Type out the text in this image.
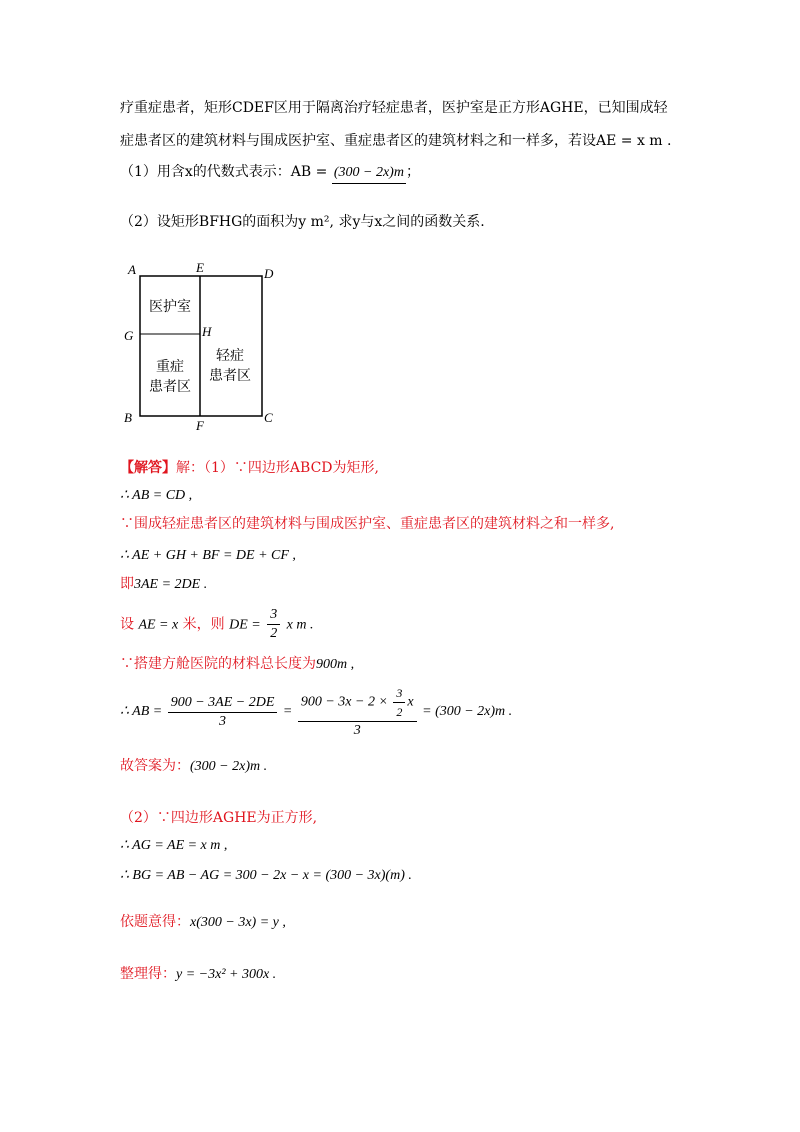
疗重症患者，矩形CDEF区用于隔离治疗轻症患者，医护室是正方形AGHE，已知围成轻
症患者区的建筑材料与围成医护室、重症患者区的建筑材料之和一样多，若设AE = x m .
（1）用含x的代数式表示：AB = (300 − 2x)m ；
（2）设矩形BFHG的面积为y m², 求y与x之间的函数关系.
A	E	D
G	H
B
F
C
医护室
重症
患者区
轻症
患者区
【解答】解：（1）∵四边形ABCD为矩形,
∴ AB = CD ,
∵围成轻症患者区的建筑材料与围成医护室、重症患者区的建筑材料之和一样多,
∴ AE + GH + BF = DE + CF ,
即3AE = 2DE .
设 AE = x 米，则 DE = $\frac{3}{2}$ x m .
∵搭建方舱医院的材料总长度为900m ,
∴ AB = $\frac{900 - 3AE - 2DE}{3} = \frac{900 - 3x - 2 \times \frac{3}{2} x}{3} = (300 - 2x)m$ .
故答案为：(300 − 2x)m .
（2）∵四边形AGHE为正方形,
∴ AG = AE = x m ,
∴ BG = AB − AG = 300 − 2x − x = (300 − 3x)(m) .
依题意得：x(300 − 3x) = y ,
整理得：y = −3x² + 300x .
